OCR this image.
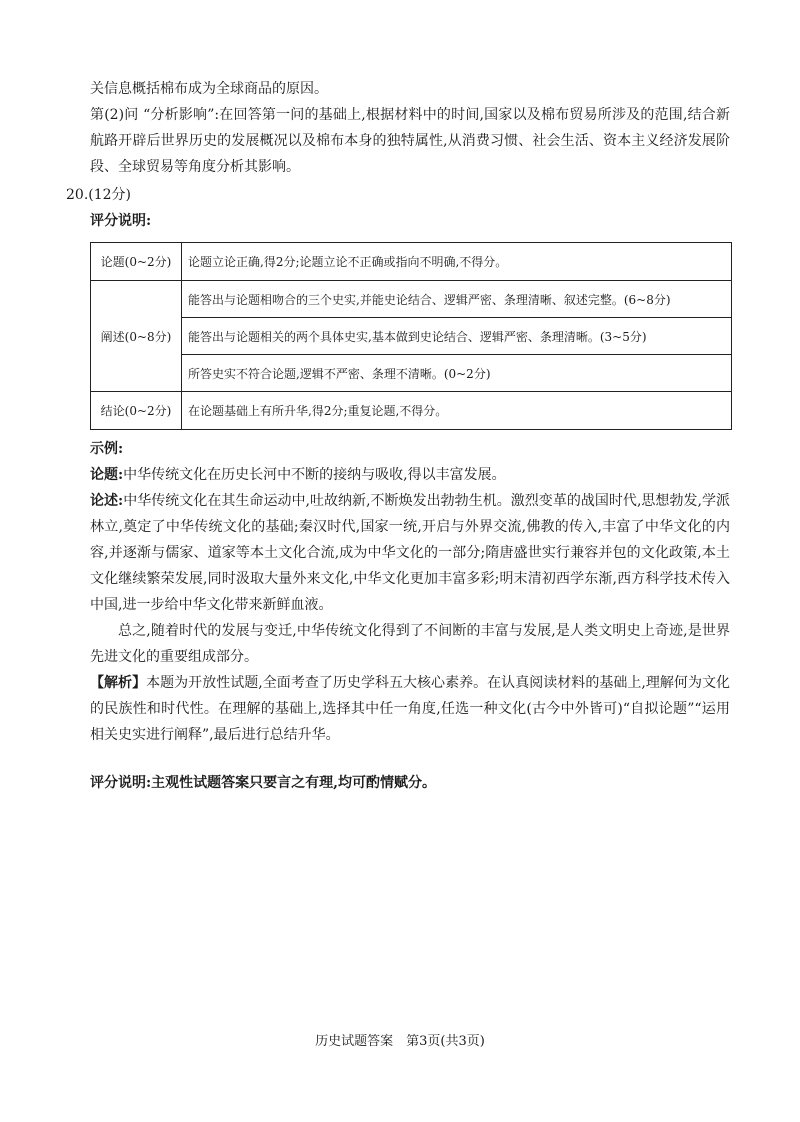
关信息概括棉布成为全球商品的原因。

第(2)问 “分析影响”:在回答第一问的基础上,根据材料中的时间,国家以及棉布贸易所涉及的范围,结合新航路开辟后世界历史的发展概况以及棉布本身的独特属性,从消费习惯、社会生活、资本主义经济发展阶段、全球贸易等角度分析其影响。

20.(12分)
评分说明:
论题(0~2分)	论题立论正确,得2分;论题立论不正确或指向不明确,不得分。
阐述(0~8分)	能答出与论题相吻合的三个史实,并能史论结合、逻辑严密、条理清晰、叙述完整。(6~8分)
	能答出与论题相关的两个具体史实,基本做到史论结合、逻辑严密、条理清晰。(3~5分)
	所答史实不符合论题,逻辑不严密、条理不清晰。(0~2分)
结论(0~2分)	在论题基础上有所升华,得2分;重复论题,不得分。
示例:

论题:中华传统文化在历史长河中不断的接纳与吸收,得以丰富发展。

论述:中华传统文化在其生命运动中,吐故纳新,不断焕发出勃勃生机。激烈变革的战国时代,思想勃发,学派林立,奠定了中华传统文化的基础;秦汉时代,国家一统,开启与外界交流,佛教的传入,丰富了中华文化的内容,并逐渐与儒家、道家等本土文化合流,成为中华文化的一部分;隋唐盛世实行兼容并包的文化政策,本土文化继续繁荣发展,同时汲取大量外来文化,中华文化更加丰富多彩;明末清初西学东渐,西方科学技术传入中国,进一步给中华文化带来新鲜血液。

总之,随着时代的发展与变迁,中华传统文化得到了不间断的丰富与发展,是人类文明史上奇迹,是世界先进文化的重要组成部分。

【解析】本题为开放性试题,全面考查了历史学科五大核心素养。在认真阅读材料的基础上,理解何为文化的民族性和时代性。在理解的基础上,选择其中任一角度,任选一种文化(古今中外皆可)“自拟论题”“运用相关史实进行阐释”,最后进行总结升华。

评分说明:主观性试题答案只要言之有理,均可酌情赋分。

历史试题答案　第3页(共3页)
